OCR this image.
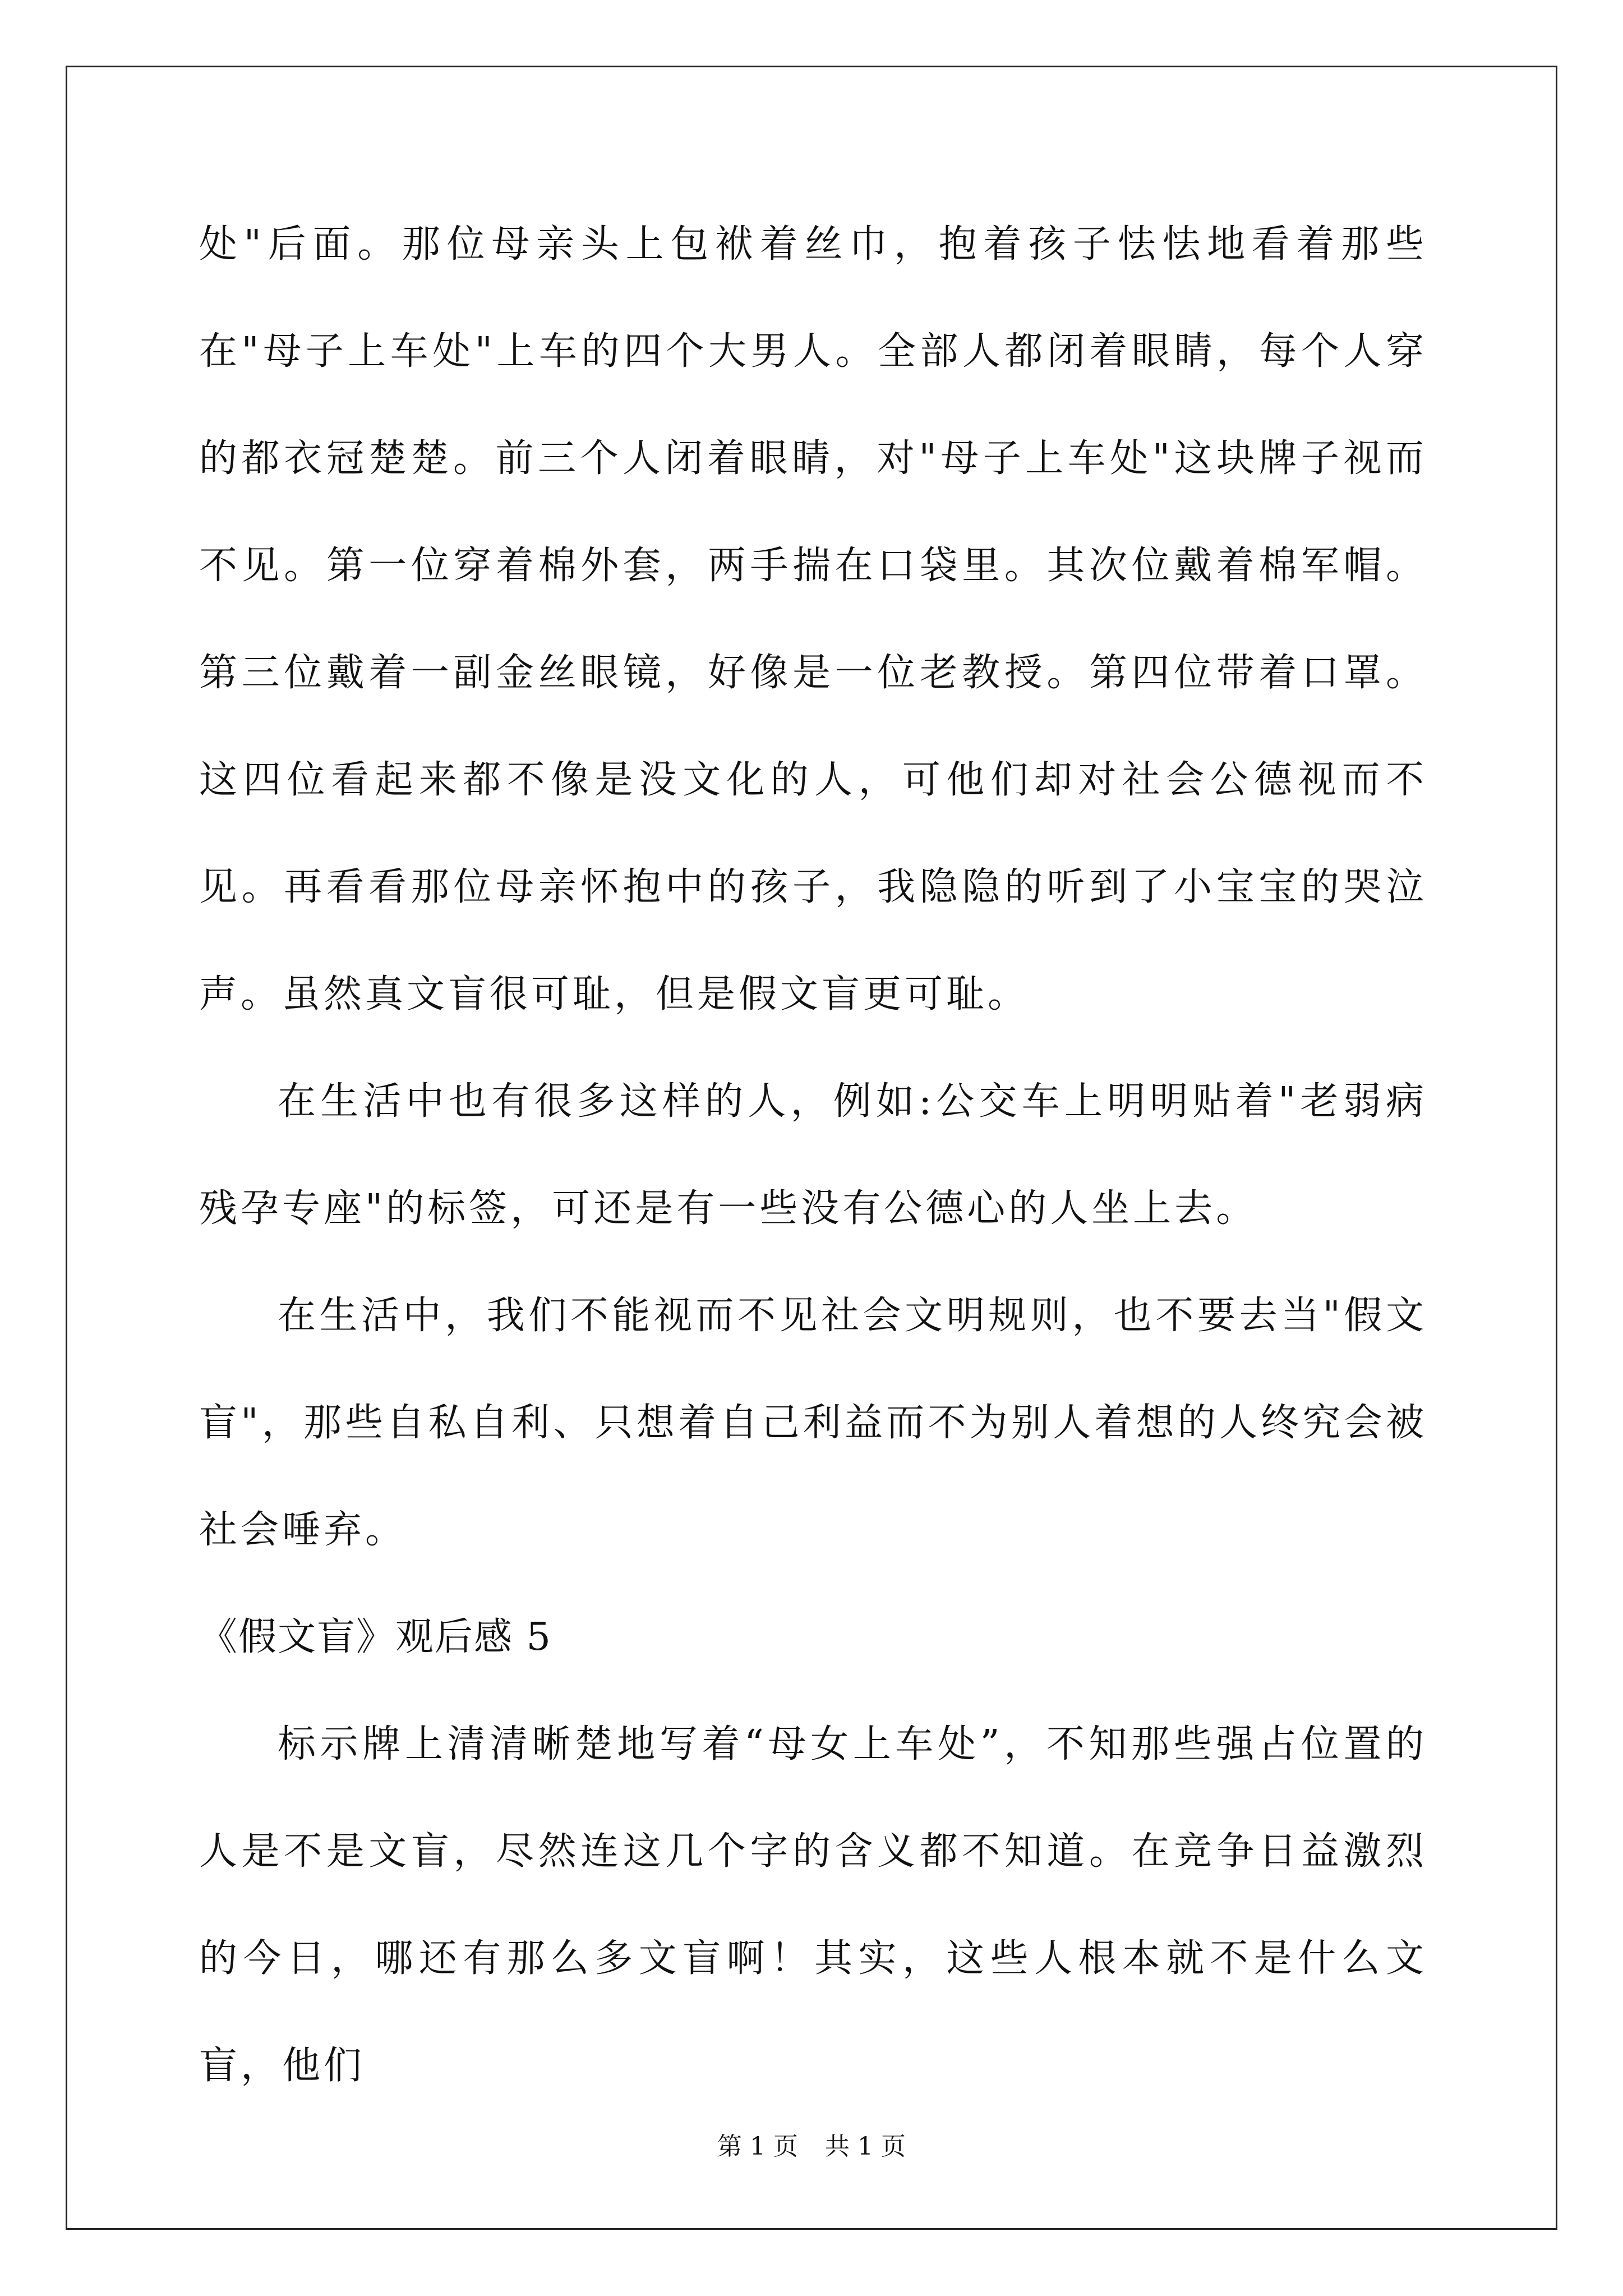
处"后面。那位母亲头上包袱着丝巾，抱着孩子怯怯地看着那些在"母子上车处"上车的四个大男人。全部人都闭着眼睛，每个人穿的都衣冠楚楚。前三个人闭着眼睛，对"母子上车处"这块牌子视而不见。第一位穿着棉外套，两手揣在口袋里。其次位戴着棉军帽。第三位戴着一副金丝眼镜，好像是一位老教授。第四位带着口罩。这四位看起来都不像是没文化的人，可他们却对社会公德视而不见。再看看那位母亲怀抱中的孩子，我隐隐的听到了小宝宝的哭泣声。虽然真文盲很可耻，但是假文盲更可耻。

在生活中也有很多这样的人，例如:公交车上明明贴着"老弱病残孕专座"的标签，可还是有一些没有公德心的人坐上去。

在生活中，我们不能视而不见社会文明规则，也不要去当"假文盲"，那些自私自利、只想着自己利益而不为别人着想的人终究会被社会唾弃。

《假文盲》观后感 5

标示牌上清清晰楚地写着“母女上车处”，不知那些强占位置的人是不是文盲，尽然连这几个字的含义都不知道。在竞争日益激烈的今日，哪还有那么多文盲啊！其实，这些人根本就不是什么文盲，他们

第 1 页 共 1 页
